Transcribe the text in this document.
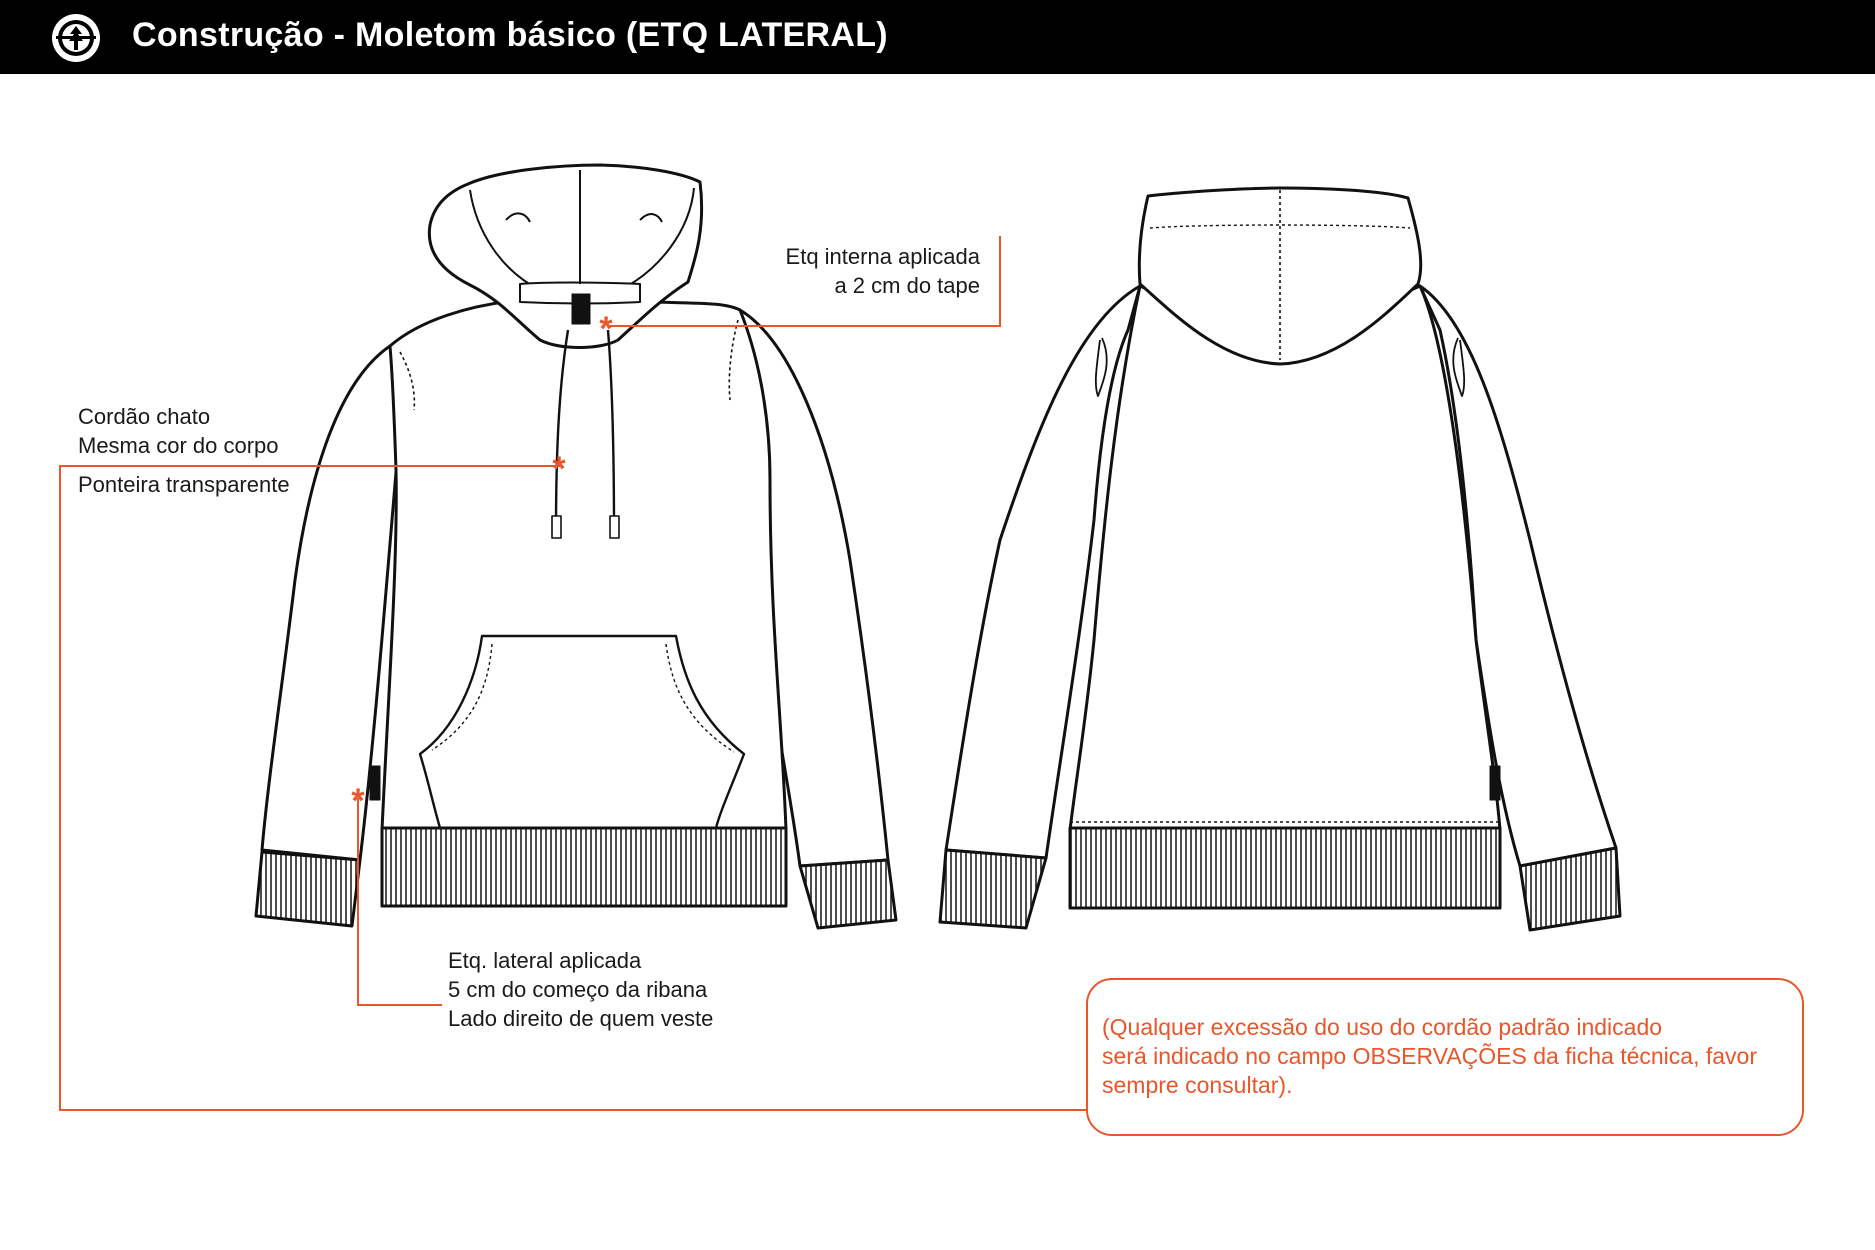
Construção - Moletom básico (ETQ LATERAL)
*
*
*
Etq interna aplicada
a 2 cm do tape
Cordão chato
Mesma cor do corpo
Ponteira transparente
Etq. lateral aplicada
5 cm do começo da ribana
Lado direito de quem veste	(Qualquer excessão do uso do cordão padrão indicado
será indicado no campo OBSERVAÇÕES da ficha técnica, favor
sempre consultar).
